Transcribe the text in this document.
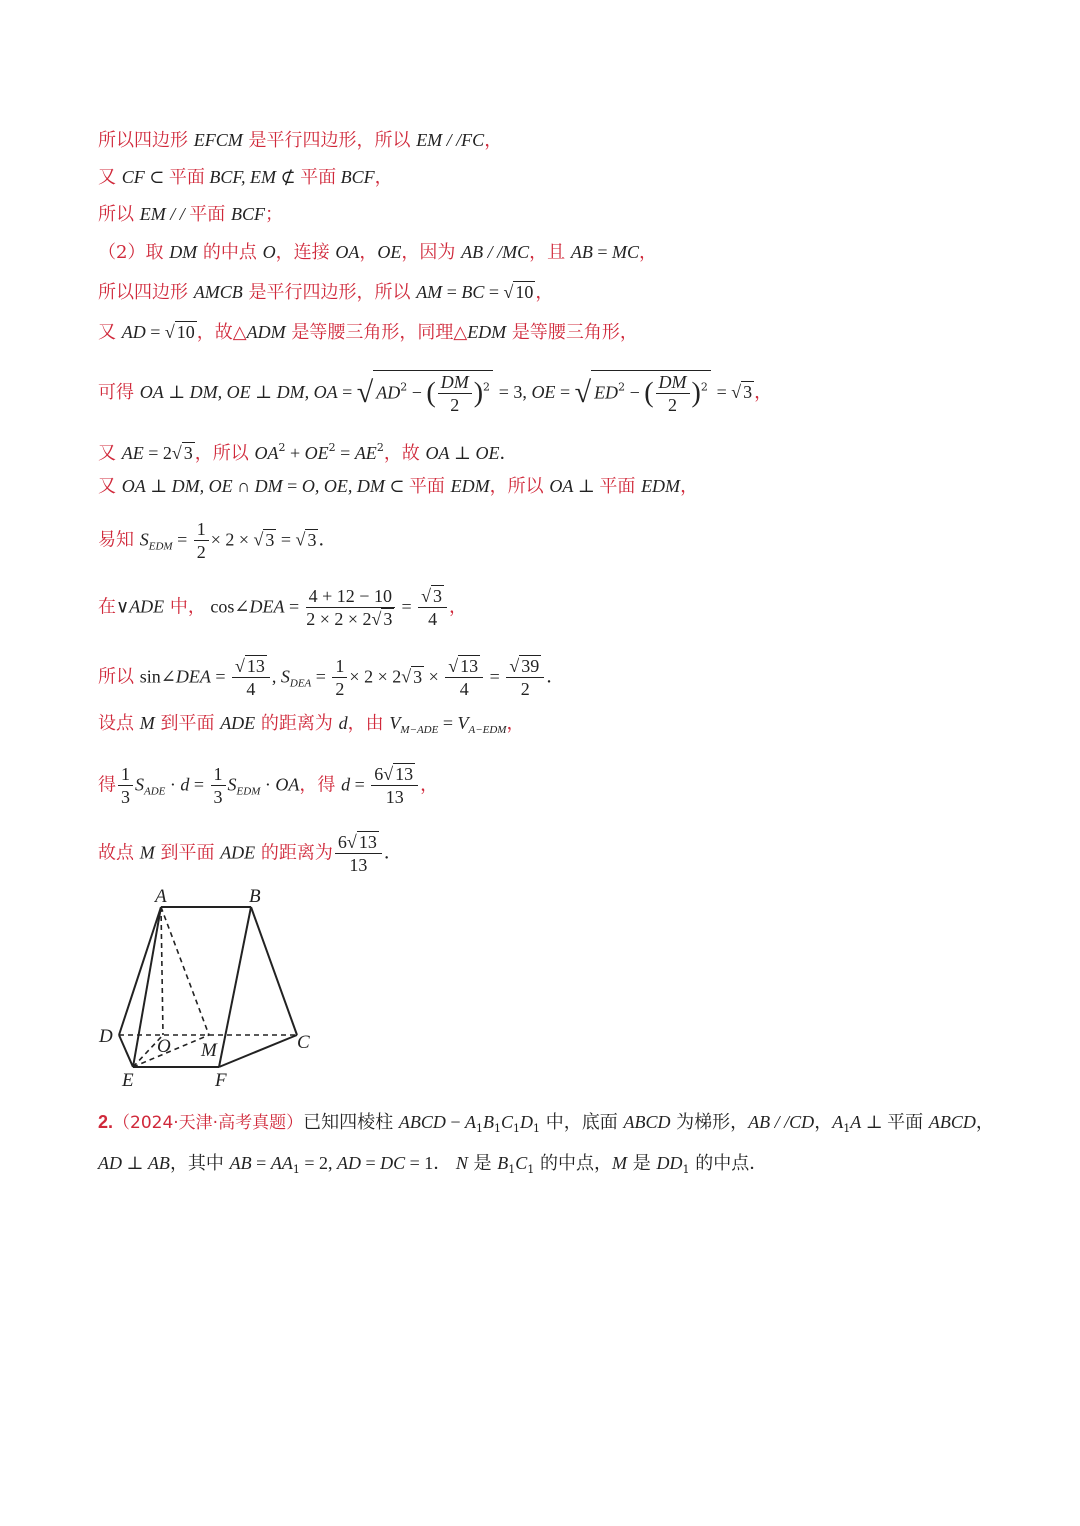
所以四边形 EFCM 是平行四边形，所以 EM / /FC，
又 CF ⊂ 平面 BCF, EM ⊄ 平面 BCF，
所以 EM / / 平面 BCF；
（2）取 DM 的中点 O，连接 OA，OE，因为 AB / /MC，且 AB = MC，
所以四边形 AMCB 是平行四边形，所以 AM = BC = √ 10 ，
又 AD = √ 10 ，故△ADM 是等腰三角形，同理△EDM 是等腰三角形，
可得 OA ⊥ DM, OE ⊥ DM, OA = √ $AD^2$ − ( $\frac{DM}{2} )^2 = 3$, OE = √ $ED^2$ − ( $\frac{DM}{2} )^2$ = √ 3 ，
又 AE = 2√ 3 ，所以 $OA^2 + OE^2 = AE^2$，故 OA ⊥ OE．
又 OA ⊥ DM, OE ∩ DM = O, OE, DM ⊂ 平面 EDM，所以 OA ⊥ 平面 EDM，
易知 $S_{EDM} = \frac{1}{2} \times 2$ × √ 3 = √ 3 ．
在∨ADE 中， cos∠DEA = $\frac{4 + 12 - 10}{2 \times 2 \times 2√ 3} = \frac{√ 3}{4}$ ，
所以 sin∠DEA = $\frac{√ 13}{4}$ , $S_{DEA} = \frac{1}{2} \times 2 \times 2√$ $3 \times \frac{√ 13}{4} = \frac{√ 39}{2}$ ．
设点 M 到平面 ADE 的距离为 d，由 $V_{M-ADE} = V_{A-EDM}$，
得 $\frac{1}{3} S_{ADE} \cdot d = \frac{1}{3} S_{EDM}$ · OA，得 $d = \frac{6√ 13}{13}$ ，
故点 M 到平面 ADE 的距离为 $\frac{6√ 13}{13}$ ．
A	B
D	C
O M
E	F
2.（2024·天津·高考真题）已知四棱柱 ABCD − $A_1B_1C_1D_1$ 中，底面 ABCD 为梯形，AB / /CD，$A_1A$ ⊥ 平面 ABCD，
AD ⊥ AB，其中 AB = $AA_1 = 2$, AD = DC = 1． N 是 $B_1C_1$ 的中点，M 是 $DD_1$ 的中点．
